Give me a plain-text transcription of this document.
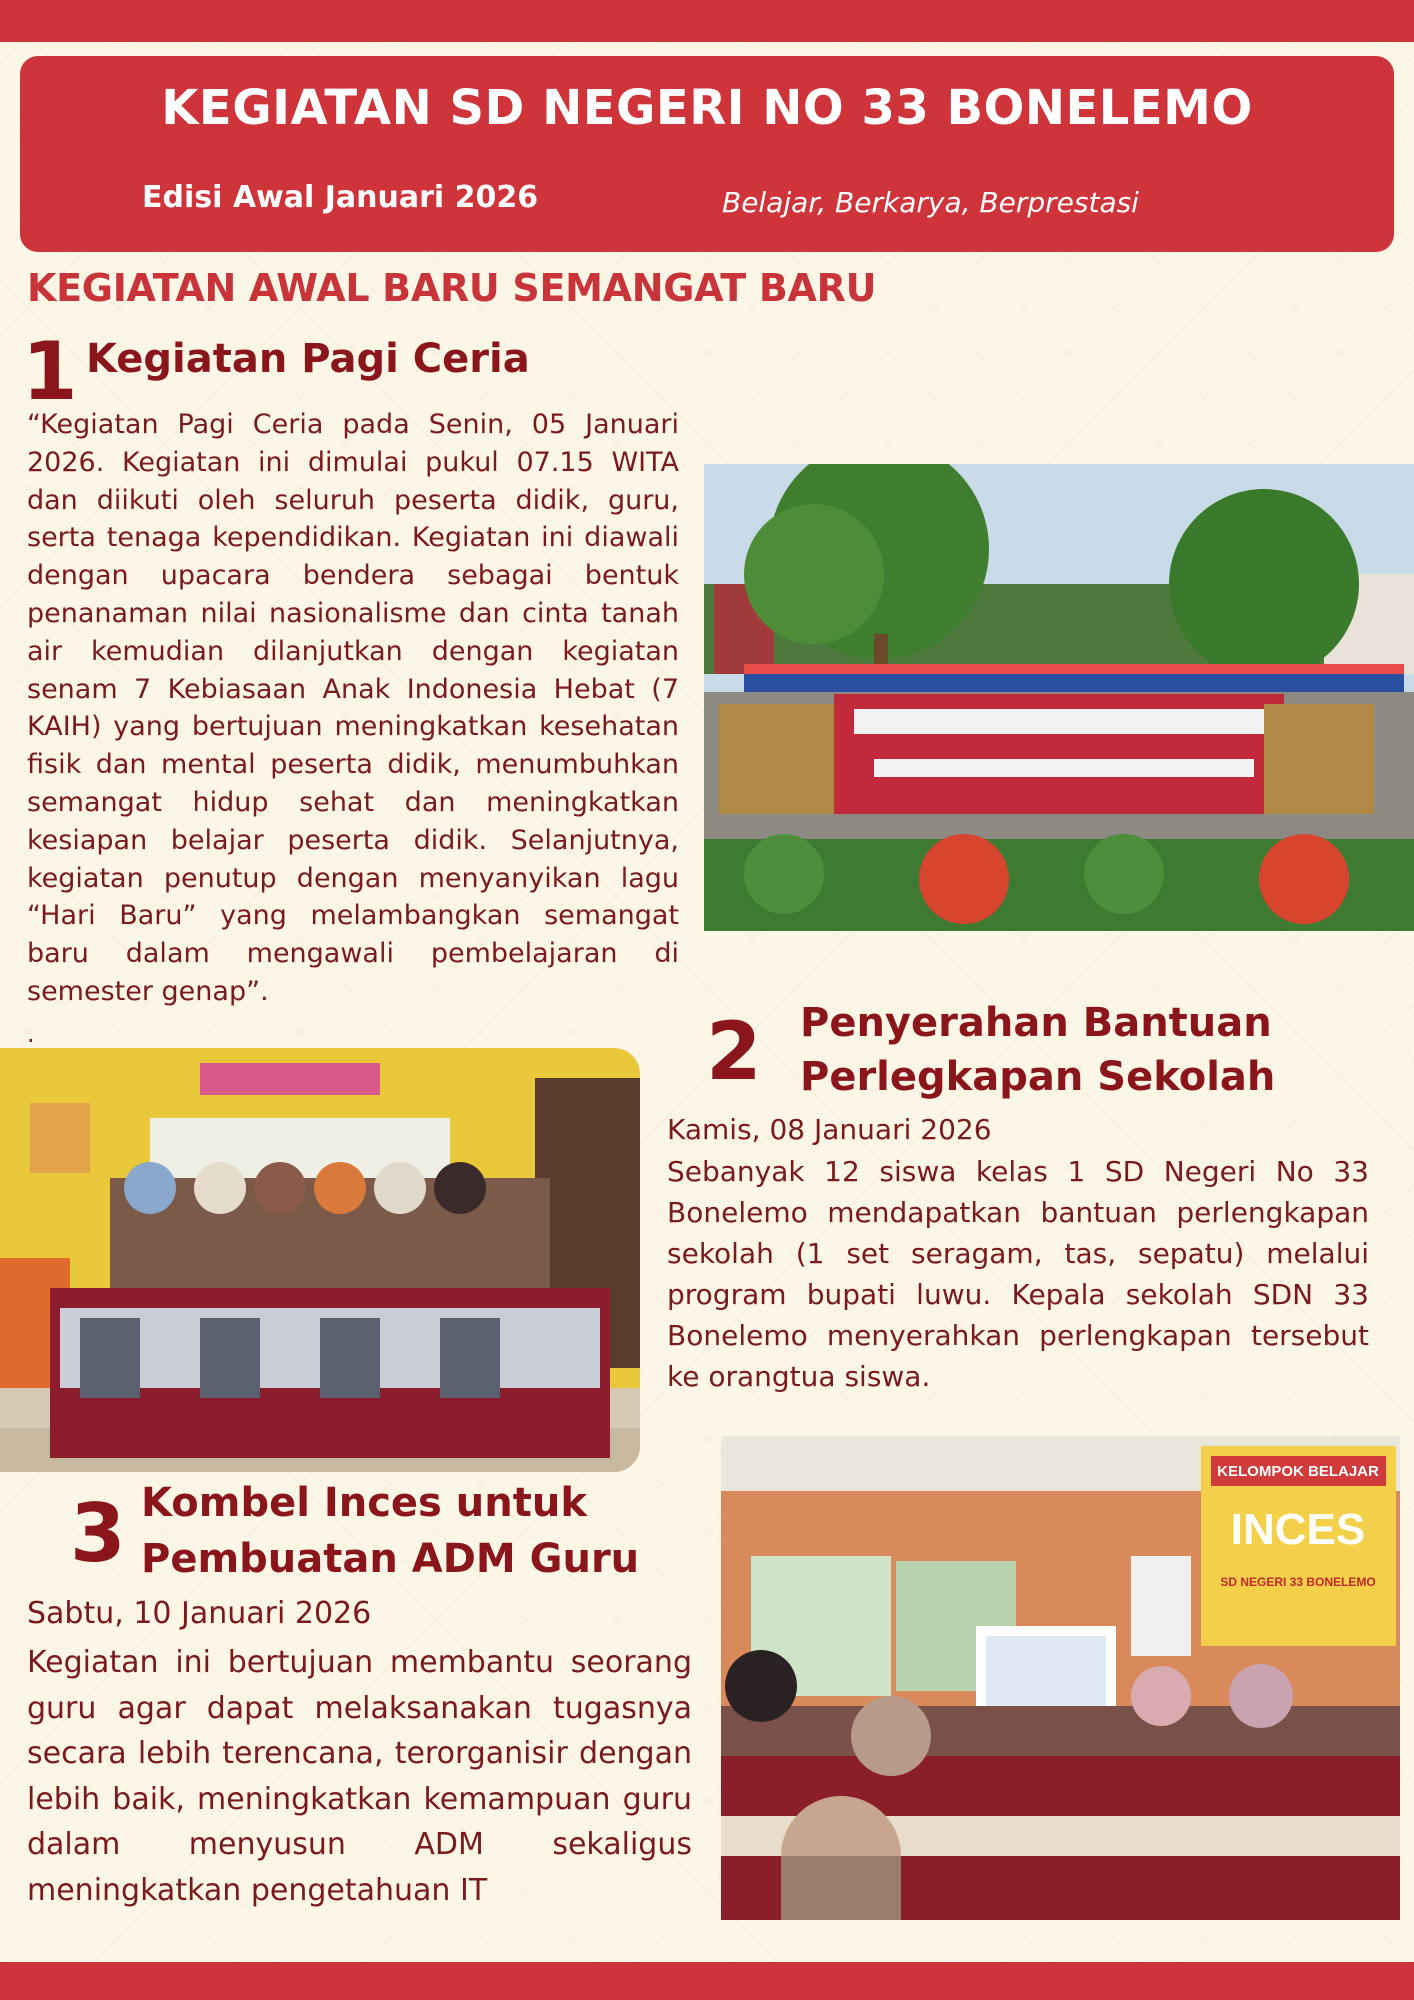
KEGIATAN SD NEGERI NO 33 BONELEMO
Edisi Awal Januari 2026	Belajar, Berkarya, Berprestasi
KEGIATAN AWAL BARU SEMANGAT BARU
1 Kegiatan Pagi Ceria

“Kegiatan Pagi Ceria pada Senin, 05 Januari 2026. Kegiatan ini dimulai pukul 07.15 WITA dan diikuti oleh seluruh peserta didik, guru, serta tenaga kependidikan. Kegiatan ini diawali dengan upacara bendera sebagai bentuk penanaman nilai nasionalisme dan cinta tanah air kemudian dilanjutkan dengan kegiatan senam 7 Kebiasaan Anak Indonesia Hebat (7 KAIH) yang bertujuan meningkatkan kesehatan fisik dan mental peserta didik, menumbuhkan semangat hidup sehat dan meningkatkan kesiapan belajar peserta didik. Selanjutnya, kegiatan penutup dengan menyanyikan lagu “Hari Baru” yang melambangkan semangat baru dalam mengawali pembelajaran di semester genap”.

.	2 Penyerahan Bantuan
Perlegkapan Sekolah
Kamis, 08 Januari 2026

Sebanyak 12 siswa kelas 1 SD Negeri No 33 Bonelemo mendapatkan bantuan perlengkapan sekolah (1 set seragam, tas, sepatu) melalui program bupati luwu. Kepala sekolah SDN 33 Bonelemo menyerahkan perlengkapan tersebut ke orangtua siswa.

KELOMPOK BELAJAR
INCES
SD NEGERI 33 BONELEMO
3 Kombel Inces untuk
Pembuatan ADM Guru
Sabtu, 10 Januari 2026

Kegiatan ini bertujuan membantu seorang guru agar dapat melaksanakan tugasnya secara lebih terencana, terorganisir dengan lebih baik, meningkatkan kemampuan guru dalam menyusun ADM sekaligus meningkatkan pengetahuan IT
